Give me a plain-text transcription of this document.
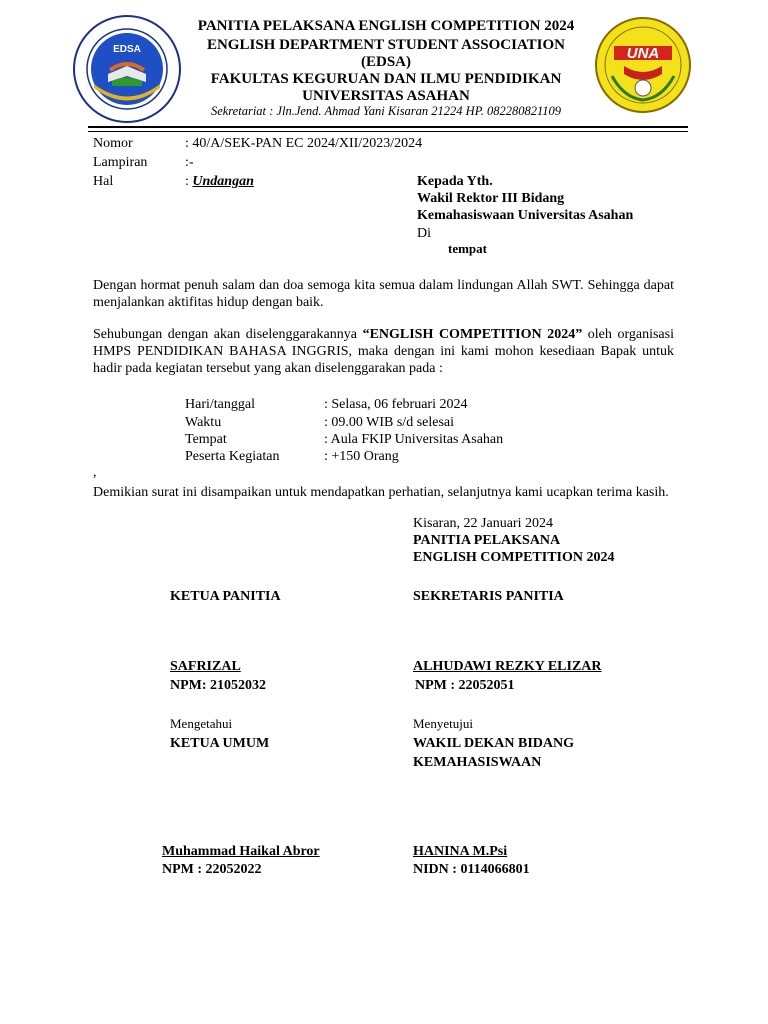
EDSA	UNA
PANITIA PELAKSANA ENGLISH COMPETITION 2024
ENGLISH DEPARTMENT STUDENT ASSOCIATION
(EDSA)
FAKULTAS KEGURUAN DAN ILMU PENDIDIKAN
UNIVERSITAS ASAHAN
Sekretariat : Jln.Jend. Ahmad Yani Kisaran 21224 HP. 082280821109
Nomor	: 40/A/SEK-PAN EC 2024/XII/2023/2024
Lampiran	:-
Hal	: Undangan	Kepada Yth.
Wakil Rektor III Bidang
Kemahasiswaan Universitas Asahan
Di
tempat
Dengan hormat penuh salam dan doa semoga kita semua dalam lindungan Allah SWT. Sehingga dapat menjalankan aktifitas hidup dengan baik.
Sehubungan dengan akan diselenggarakannya “ENGLISH COMPETITION 2024” oleh organisasi HMPS PENDIDIKAN BAHASA INGGRIS, maka dengan ini kami mohon kesediaan Bapak untuk hadir pada kegiatan tersebut yang akan diselenggarakan pada :
Hari/tanggal	: Selasa, 06 februari 2024
Waktu	: 09.00 WIB s/d selesai
Tempat	: Aula FKIP Universitas Asahan
Peserta Kegiatan	: +150 Orang
,
Demikian surat ini disampaikan untuk mendapatkan perhatian, selanjutnya kami ucapkan terima kasih.
Kisaran, 22 Januari 2024
PANITIA PELAKSANA
ENGLISH COMPETITION 2024
KETUA PANITIA	SEKRETARIS PANITIA
SAFRIZAL
NPM: 21052032
ALHUDAWI REZKY ELIZAR
NPM : 22052051
Mengetahui
KETUA UMUM
Menyetujui
WAKIL DEKAN BIDANG
KEMAHASISWAAN
Muhammad Haikal Abror
NPM : 22052022
HANINA M.Psi
NIDN : 0114066801
